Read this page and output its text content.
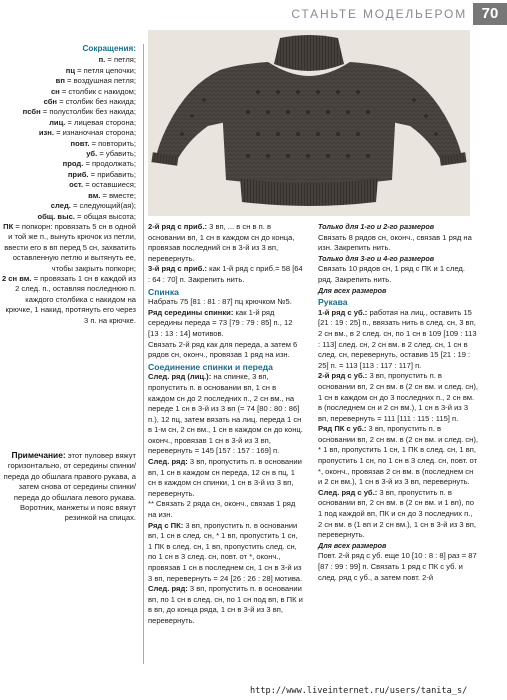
СТАНЬТЕ МОДЕЛЬЕРОМ 70
Сокращения:
п. = петля;
пц = петля цепочки;
вп = воздушная петля;
сн = столбик с накидом;
сбн = столбик без накида;
псбн = полустолбик без накида;
лиц. = лицевая сторона;
изн. = изнаночная сторона;
повт. = повторить;
уб. = убавить;
прод. = продолжать;
приб. = прибавить;
ост. = оставшиеся;
вм. = вместе;
след. = следующий(ая);
общ. выс. = общая высота;
ПК = попкорн: провязать 5 сн в одной и той же п., вынуть крючок из петли, ввести его в вп перед 5 сн, захватить оставленную петлю и вытянуть ее, чтобы закрыть попкорн;
2 сн вм. = провязать 1 сн в каждой из 2 след. п., оставляя последнюю п. каждого столбика с накидом на крючке, 1 накид, протянуть его через 3 п. на крючке.
Примечание: этот пуловер вяжут горизонтально, от середины спинки/переда до обшлага правого рукава, а затем снова от середины спинки/переда до обшлага левого рукава. Воротник, манжеты и пояс вяжут резинкой на спицах.

2-й ряд с приб.: 3 вп, ... в сн в п. в основании вп, 1 сн в каждом сн до конца, провязав последний сн в 3-й из 3 вп, перевернуть.

3-й ряд с приб.: как 1-й ряд с приб.= 58 [64 : 64 : 70] п. Закрепить нить.

Спинка

Набрать 75 [81 : 81 : 87] пц крючком №5.

Ряд середины спинки: как 1-й ряд середины переда = 73 [79 : 79 : 85] п., 12 [13 : 13 : 14] мотивов.

Связать 2-й ряд как для переда, а затем 6 рядов сн, оконч., провязав 1 ряд на изн.

Соединение спинки и переда

След. ряд (лиц.): на спинке, 3 вп, пропустить п. в основании вп, 1 сн в каждом сн до 2 последних п., 2 сн вм., на переде 1 сн в 3-й из 3 вп (= 74 [80 : 80 : 86] п.), 12 пц, затем вязать на лиц. переда 1 сн в 1-м сн, 2 сн вм., 1 сн в каждом сн до конц. оконч., провязав 1 сн в 3-й из 3 вп, перевернуть = 145 [157 : 157 : 169] п.

След. ряд: 3 вп, пропустить п. в основании вп, 1 сн в каждом сн переда, 12 сн в пц, 1 сн в каждом сн спинки, 1 сн в 3-й из 3 вп, перевернуть.

** Связать 2 ряда сн, оконч., связав 1 ряд на изн.

Ряд с ПК: 3 вп, пропустить п. в основании вп, 1 сн в след. сн, * 1 вп, пропустить 1 сн, 1 ПК в след. сн, 1 вп, пропустить след. сн, по 1 сн в 3 след. сн, повт. от *, оконч., провязав 1 сн в последнем сн, 1 сн в 3-й из 3 вп, перевернуть = 24 [26 : 26 : 28] мотива.

След. ряд: 3 вп, пропустить п. в основании вп, по 1 сн в след. сн, по 1 сн под вп, в ПК и в вп, до конца ряда, 1 сн в 3-й из 3 вп, перевернуть.

Только для 1-го и 2-го размеров

Связать 8 рядов сн, оконч., связав 1 ряд на изн. Закрепить нить.

Только для 3-го и 4-го размеров

Связать 10 рядов сн, 1 ряд с ПК и 1 след. ряд. Закрепить нить.

Для всех размеров
Рукава

1-й ряд с уб.: работая на лиц., оставить 15 [21 : 19 : 25] п., ввязать нить в след. сн, 3 вп, 2 сн вм., в 2 след. сн, по 1 сн в 109 [109 : 113 : 113] след. сн, 2 сн вм. в 2 след. сн, 1 сн в след. сн, перевернуть, оставив 15 [21 : 19 : 25] п. = 113 [113 : 117 : 117] п.

2-й ряд с уб.: 3 вп, пропустить п. в основании вп, 2 сн вм. в (2 сн вм. и след. сн), 1 сн в каждом сн до 3 последних п., 2 сн вм. в (последнем сн и 2 сн вм.), 1 сн в 3-й из 3 вп, перевернуть = 111 [111 : 115 : 115] п.

Ряд ПК с уб.: 3 вп, пропустить п. в основании вп, 2 сн вм. в (2 сн вм. и след. сн), * 1 вп, пропустить 1 сн, 1 ПК в след. сн, 1 вп, пропустить 1 сн, по 1 сн в 3 след. сн, повт. от *, оконч., провязав 2 сн вм. в (последнем сн и 2 сн вм.), 1 сн в 3-й из 3 вп, перевернуть.

След. ряд с уб.: 3 вп, пропустить п. в основании вп, 2 сн вм. в (2 сн вм. и 1 вп), по 1 под каждой вп, ПК и сн до 3 последних п., 2 сн вм. в (1 вп и 2 сн вм.), 1 сн в 3-й из 3 вп, перевернуть.

Для всех размеров

Повт. 2-й ряд с уб. еще 10 [10 : 8 : 8] раз = 87 [87 : 99 : 99] п. Связать 1 ряд с ПК с уб. и след. ряд с уб., а затем повт. 2-й

http://www.liveinternet.ru/users/tanita_s/
